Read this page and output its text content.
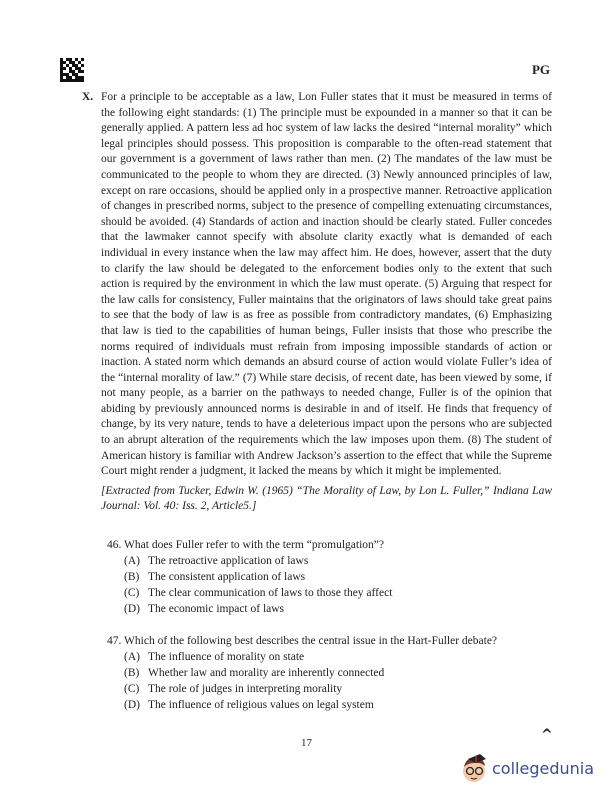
PG
X. For a principle to be acceptable as a law, Lon Fuller states that it must be measured in terms of the following eight standards: (1) The principle must be expounded in a manner so that it can be generally applied. A pattern less ad hoc system of law lacks the desired “internal morality” which legal principles should possess. This proposition is comparable to the often-read statement that our government is a government of laws rather than men. (2) The mandates of the law must be communicated to the people to whom they are directed. (3) Newly announced principles of law, except on rare occasions, should be applied only in a prospective manner. Retroactive application of changes in prescribed norms, subject to the presence of compelling extenuating circumstances, should be avoided. (4) Standards of action and inaction should be clearly stated. Fuller concedes that the lawmaker cannot specify with absolute clarity exactly what is demanded of each individual in every instance when the law may affect him. He does, however, assert that the duty to clarify the law should be delegated to the enforcement bodies only to the extent that such action is required by the environment in which the law must operate. (5) Arguing that respect for the law calls for consistency, Fuller maintains that the originators of laws should take great pains to see that the body of law is as free as possible from contradictory mandates, (6) Emphasizing that law is tied to the capabilities of human beings, Fuller insists that those who prescribe the norms required of individuals must refrain from imposing impossible standards of action or inaction. A stated norm which demands an absurd course of action would violate Fuller’s idea of the “internal morality of law.” (7) While stare decisis, of recent date, has been viewed by some, if not many people, as a barrier on the pathways to needed change, Fuller is of the opinion that abiding by previously announced norms is desirable in and of itself. He finds that frequency of change, by its very nature, tends to have a deleterious impact upon the persons who are subjected to an abrupt alteration of the requirements which the law imposes upon them. (8) The student of American history is familiar with Andrew Jackson’s assertion to the effect that while the Supreme Court might render a judgment, it lacked the means by which it might be implemented.

[Extracted from Tucker, Edwin W. (1965) “The Morality of Law, by Lon L. Fuller,” Indiana Law Journal: Vol. 40: Iss. 2, Article5.]

46. What does Fuller refer to with the term “promulgation”?
(A) The retroactive application of laws
(B) The consistent application of laws
(C) The clear communication of laws to those they affect
(D) The economic impact of laws
47. Which of the following best describes the central issue in the Hart-Fuller debate?
(A) The influence of morality on state
(B) Whether law and morality are inherently connected
(C) The role of judges in interpreting morality
(D) The influence of religious values on legal system
17	^
collegedunia
